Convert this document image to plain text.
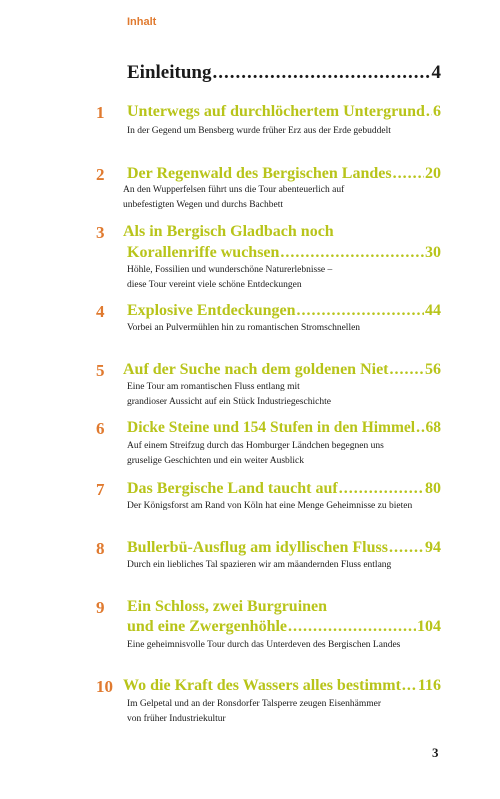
Inhalt
Einleitung .....	4
1	Unterwegs auf durchlöchertem Untergrund ..... 6
In der Gegend um Bensberg wurde früher Erz aus der Erde gebuddelt
2	Der Regenwald des Bergischen Landes ..... 20
An den Wupperfelsen führt uns die Tour abenteuerlich auf
unbefestigten Wegen und durchs Bachbett
3	Als in Bergisch Gladbach noch
Korallenriffe wuchsen .....	30
Höhle, Fossilien und wunderschöne Naturerlebnisse –
diese Tour vereint viele schöne Entdeckungen
4	Explosive Entdeckungen .....	44
Vorbei an Pulvermühlen hin zu romantischen Stromschnellen
5	Auf der Suche nach dem goldenen Niet ..... 56
Eine Tour am romantischen Fluss entlang mit
grandioser Aussicht auf ein Stück Industriegeschichte
6	Dicke Steine und 154 Stufen in den Himmel ..... 68
Auf einem Streifzug durch das Homburger Ländchen begegnen uns
gruselige Geschichten und ein weiter Ausblick
7	Das Bergische Land taucht auf .....	80
Der Königsforst am Rand von Köln hat eine Menge Geheimnisse zu bieten
8	Bullerbü-Ausflug am idyllischen Fluss ..... 94
Durch ein liebliches Tal spazieren wir am mäandernden Fluss entlang
9	Ein Schloss, zwei Burgruinen
und eine Zwergenhöhle .....	104
Eine geheimnisvolle Tour durch das Unterdeven des Bergischen Landes
10 Wo die Kraft des Wassers alles bestimmt ..... 116
Im Gelpetal und an der Ronsdorfer Talsperre zeugen Eisenhämmer
von früher Industriekultur
3
